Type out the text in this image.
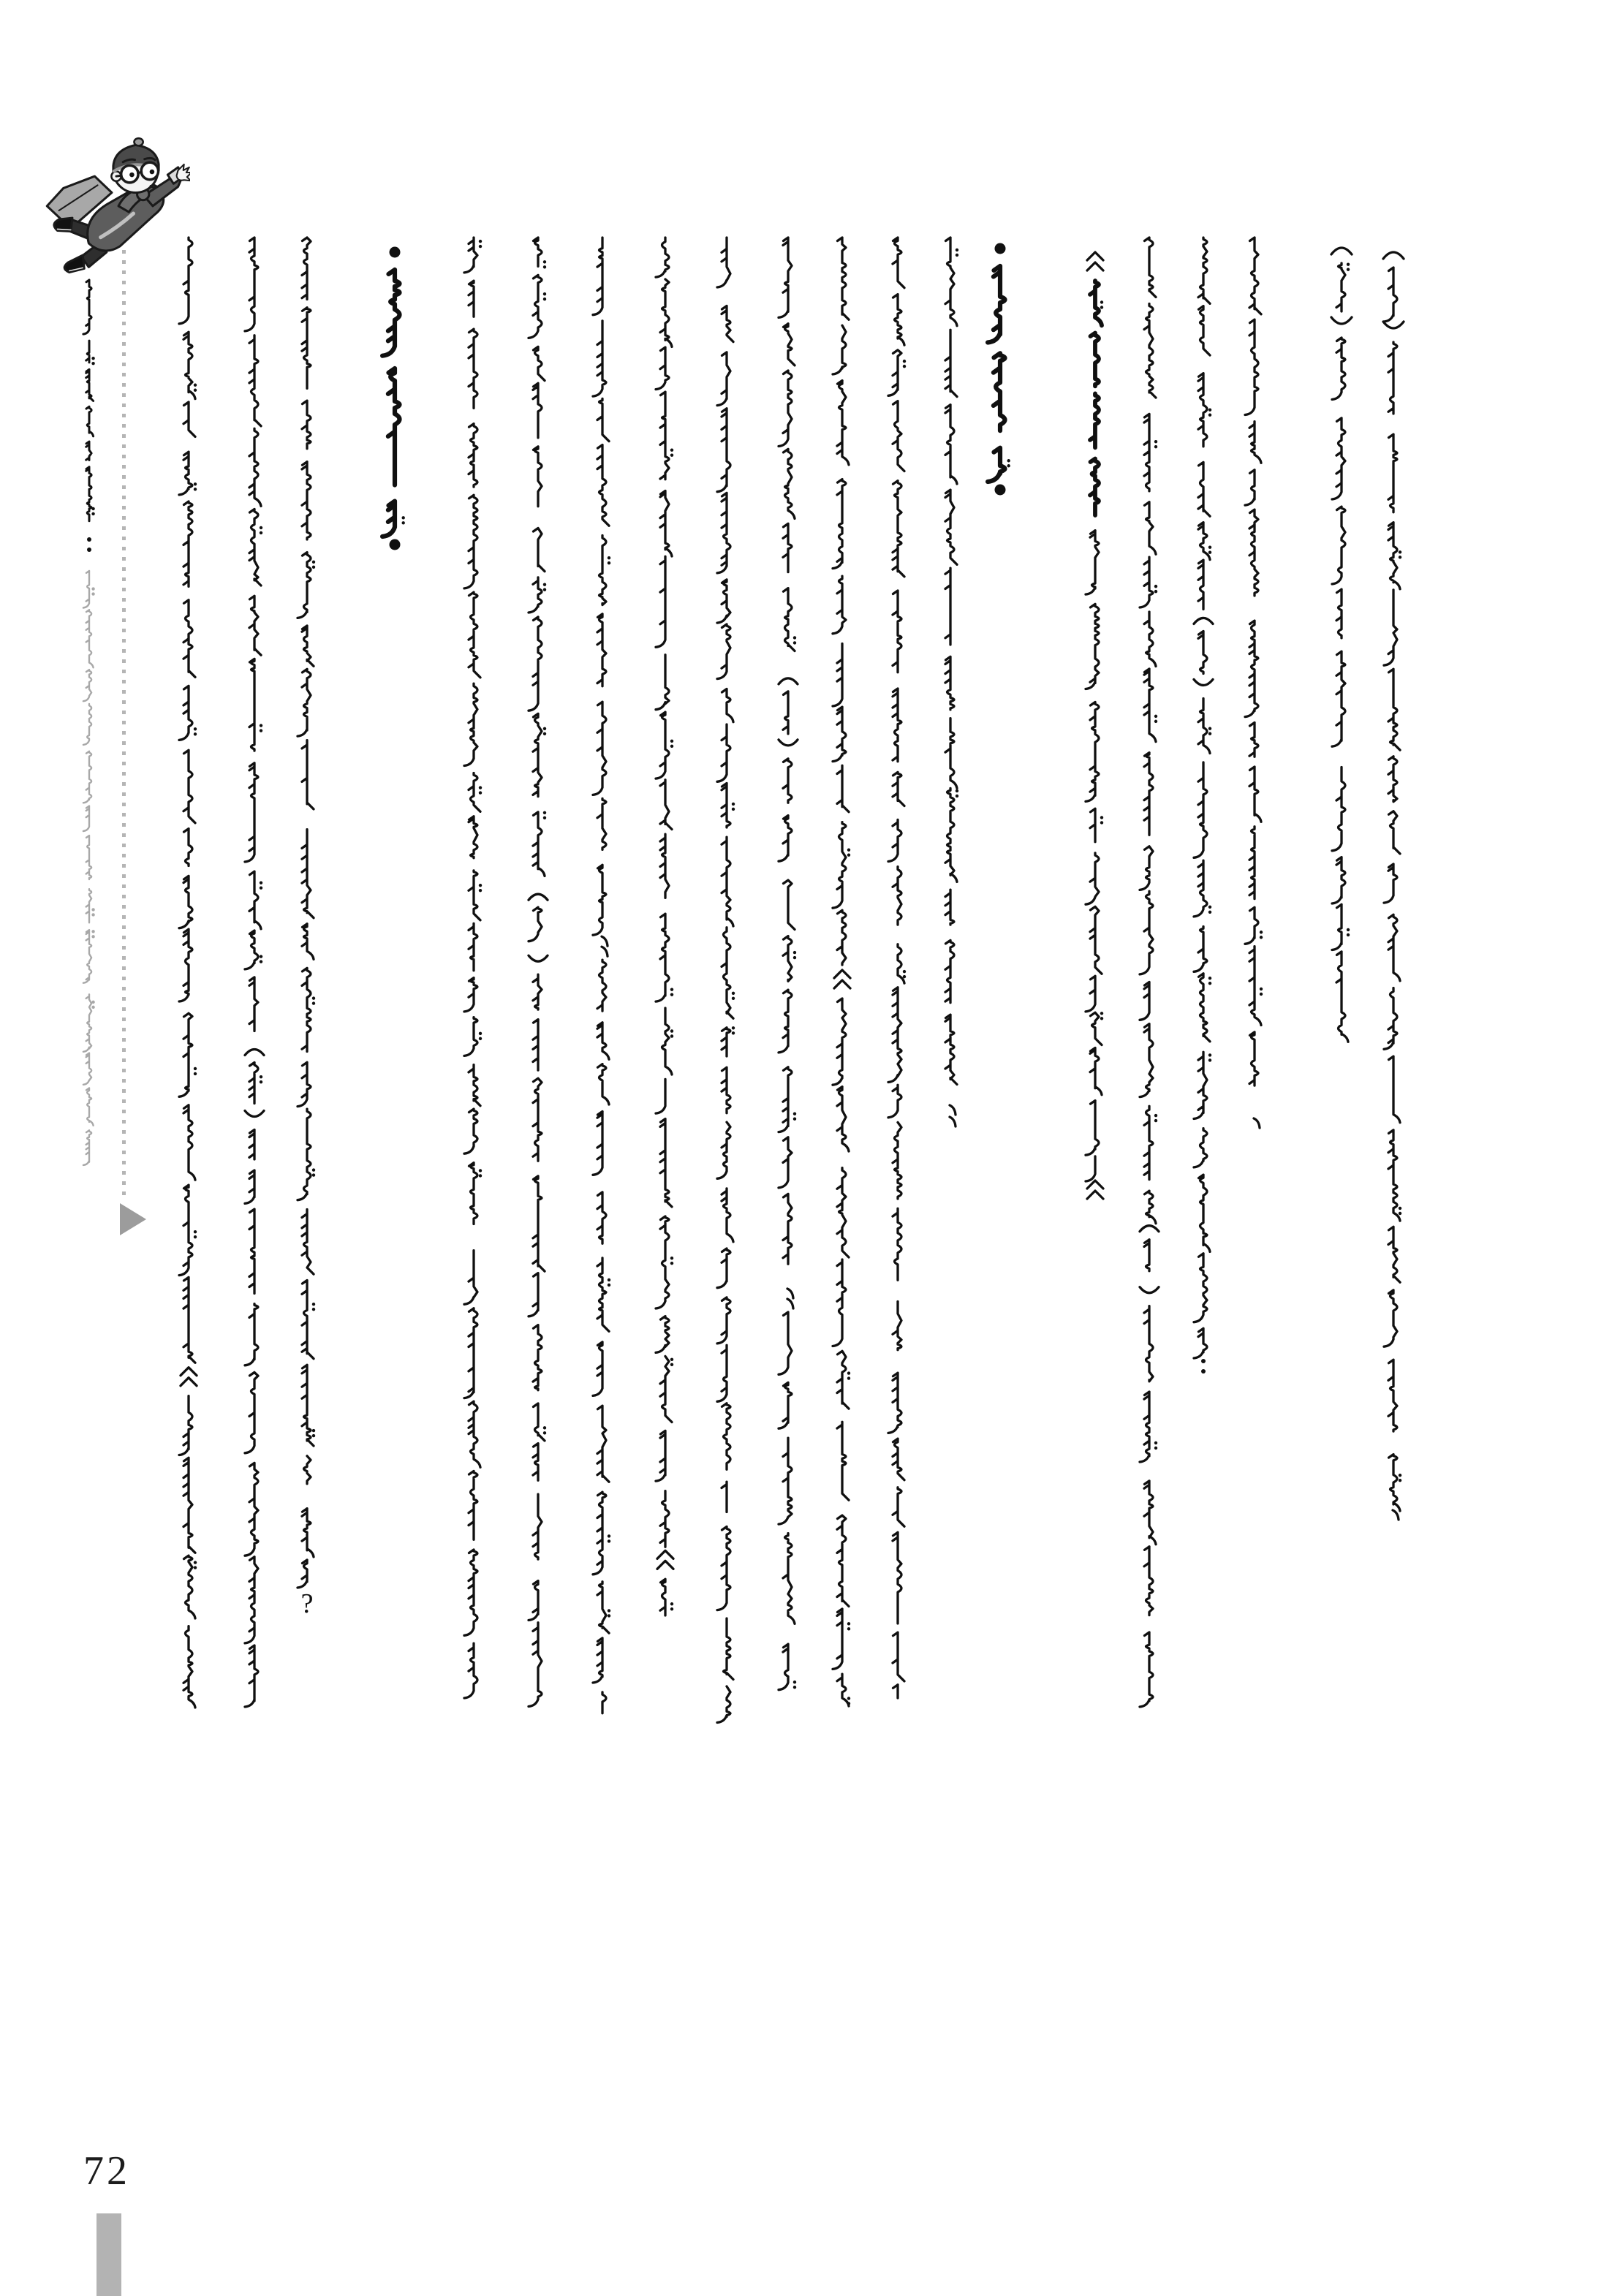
?
72
